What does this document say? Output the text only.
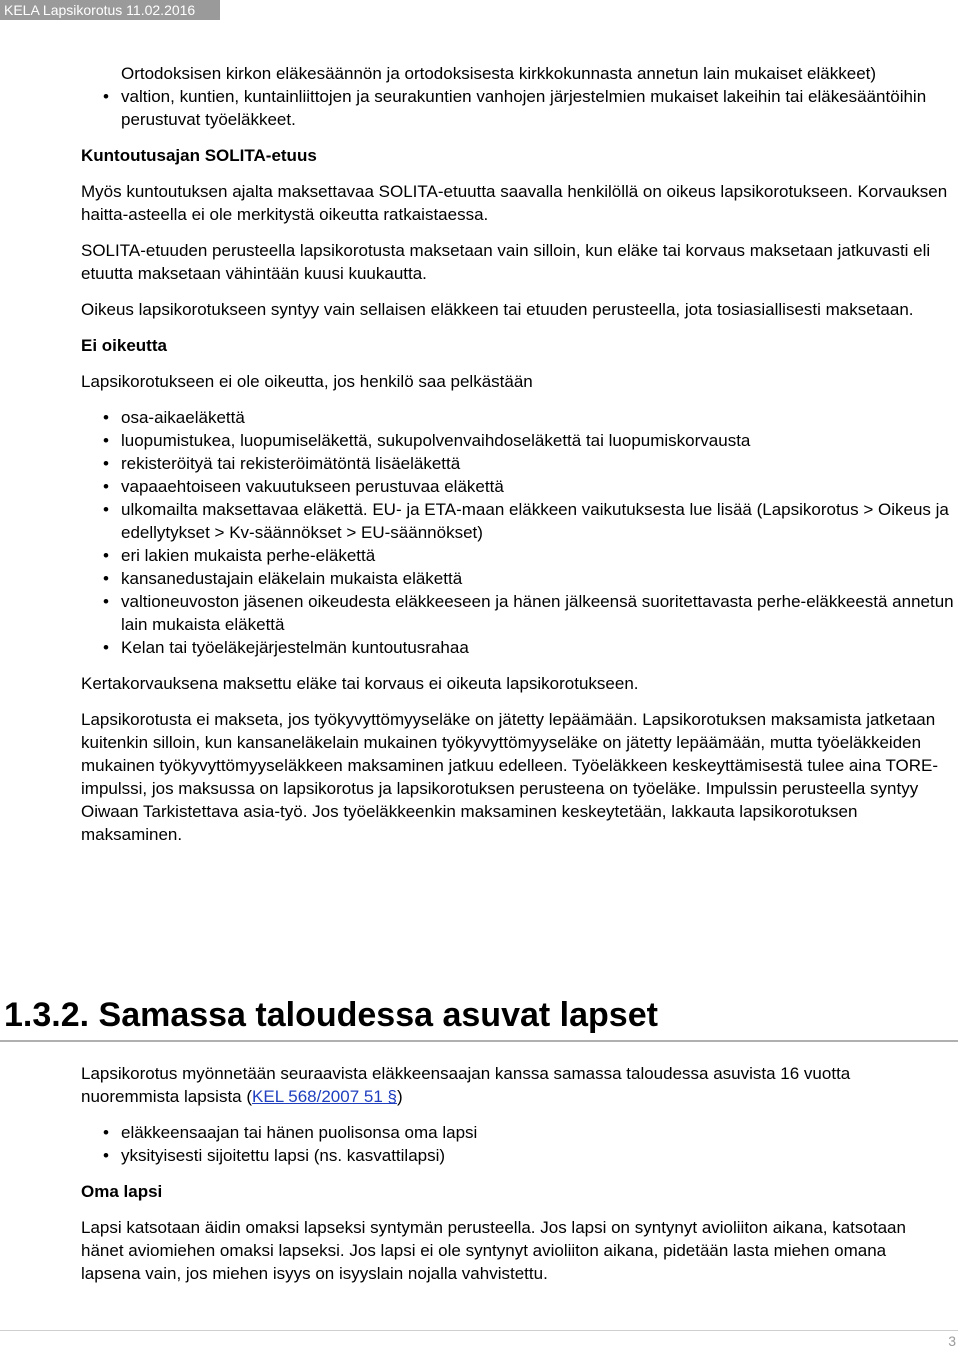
KELA Lapsikorotus 11.02.2016
Ortodoksisen kirkon eläkesäännön ja ortodoksisesta kirkkokunnasta annetun lain mukaiset eläkkeet)
• valtion, kuntien, kuntainliittojen ja seurakuntien vanhojen järjestelmien mukaiset lakeihin tai eläkesääntöihin perustuvat työeläkkeet.
Kuntoutusajan SOLITA-etuus

Myös kuntoutuksen ajalta maksettavaa SOLITA-etuutta saavalla henkilöllä on oikeus lapsikorotukseen. Korvauksen haitta-asteella ei ole merkitystä oikeutta ratkaistaessa.

SOLITA-etuuden perusteella lapsikorotusta maksetaan vain silloin, kun eläke tai korvaus maksetaan jatkuvasti eli etuutta maksetaan vähintään kuusi kuukautta.

Oikeus lapsikorotukseen syntyy vain sellaisen eläkkeen tai etuuden perusteella, jota tosiasiallisesti maksetaan.

Ei oikeutta

Lapsikorotukseen ei ole oikeutta, jos henkilö saa pelkästään

• osa-aikaeläkettä
• luopumistukea, luopumiseläkettä, sukupolvenvaihdoseläkettä tai luopumiskorvausta
• rekisteröityä tai rekisteröimätöntä lisäeläkettä
• vapaaehtoiseen vakuutukseen perustuvaa eläkettä
• ulkomailta maksettavaa eläkettä. EU- ja ETA-maan eläkkeen vaikutuksesta lue lisää (Lapsikorotus > Oikeus ja edellytykset > Kv-säännökset > EU-säännökset)
• eri lakien mukaista perhe-eläkettä
• kansanedustajain eläkelain mukaista eläkettä
• valtioneuvoston jäsenen oikeudesta eläkkeeseen ja hänen jälkeensä suoritettavasta perhe-eläkkeestä annetun lain mukaista eläkettä
• Kelan tai työeläkejärjestelmän kuntoutusrahaa

Kertakorvauksena maksettu eläke tai korvaus ei oikeuta lapsikorotukseen.

Lapsikorotusta ei makseta, jos työkyvyttömyyseläke on jätetty lepäämään. Lapsikorotuksen maksamista jatketaan kuitenkin silloin, kun kansaneläkelain mukainen työkyvyttömyyseläke on jätetty lepäämään, mutta työeläkkeiden mukainen työkyvyttömyyseläkkeen maksaminen jatkuu edelleen. Työeläkkeen keskeyttämisestä tulee aina TORE-impulssi, jos maksussa on lapsikorotus ja lapsikorotuksen perusteena on työeläke. Impulssin perusteella syntyy Oiwaan Tarkistettava asia-työ. Jos työeläkkeenkin maksaminen keskeytetään, lakkauta lapsikorotuksen maksaminen.

1.3.2. Samassa taloudessa asuvat lapset

Lapsikorotus myönnetään seuraavista eläkkeensaajan kanssa samassa taloudessa asuvista 16 vuotta nuoremmista lapsista (KEL 568/2007 51 §)

• eläkkeensaajan tai hänen puolisonsa oma lapsi
• yksityisesti sijoitettu lapsi (ns. kasvattilapsi)
Oma lapsi

Lapsi katsotaan äidin omaksi lapseksi syntymän perusteella. Jos lapsi on syntynyt avioliiton aikana, katsotaan hänet aviomiehen omaksi lapseksi. Jos lapsi ei ole syntynyt avioliiton aikana, pidetään lasta miehen omana lapsena vain, jos miehen isyys on isyyslain nojalla vahvistettu.

3
